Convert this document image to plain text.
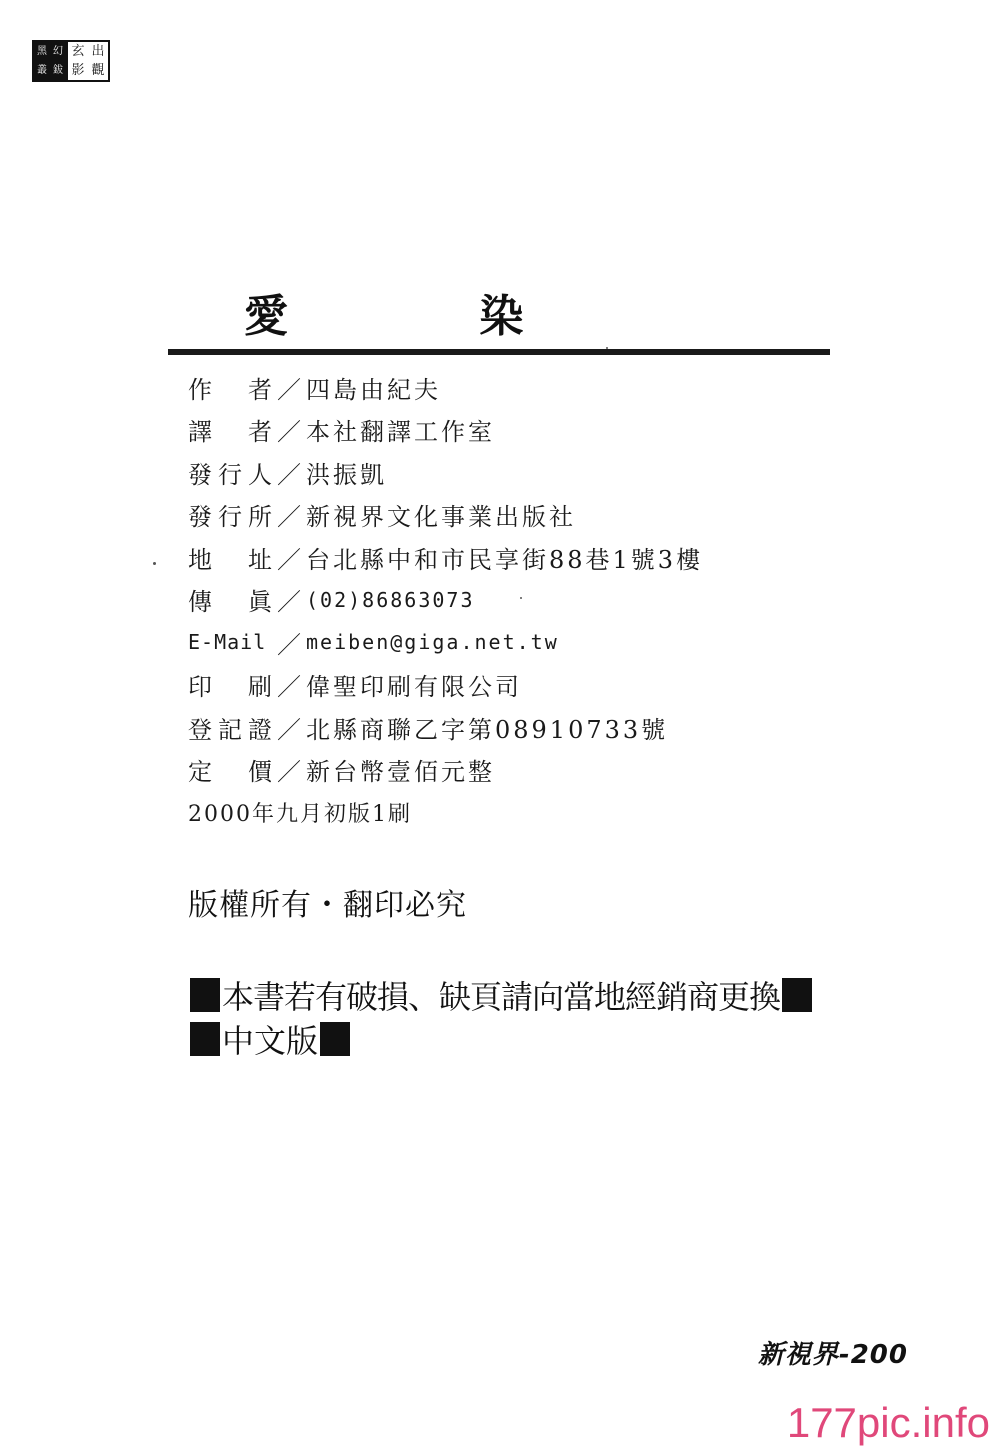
黑 幻
叢 鈸
玄 出
影 觀
愛 染
作　者 ／ 四島由紀夫
譯　者 ／ 本社翻譯工作室
發行人 ／ 洪振凱
發行所 ／ 新視界文化事業出版社
地　址 ／ 台北縣中和市民享街88巷1號3樓
傳　眞 ／ (02)86863073
E-Mail ／ meiben@giga.net.tw
印　刷 ／ 偉聖印刷有限公司
登記證 ／ 北縣商聯乙字第08910733號
定　價 ／ 新台幣壹佰元整
2000年九月初版1刷
版權所有・翻印必究
本書若有破損、缺頁請向當地經銷商更換
中文版
新視界-200
177pic.info
